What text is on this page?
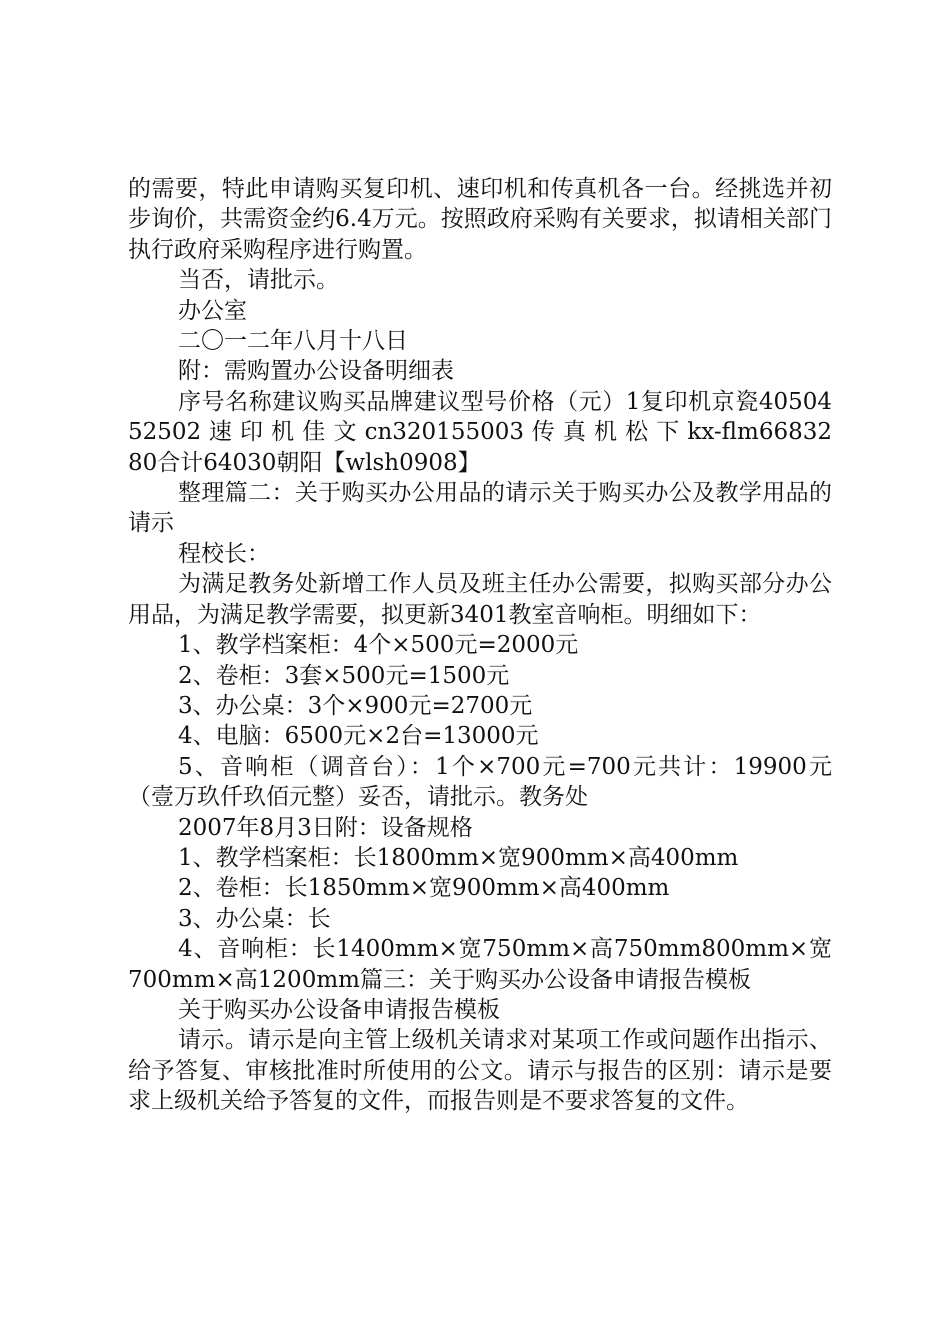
的需要，特此申请购买复印机、速印机和传真机各一台。经挑选并初步询价，共需资金约6.4万元。按照政府采购有关要求，拟请相关部门执行政府采购程序进行购置。

当否，请批示。

办公室

二〇一二年八月十八日

附：需购置办公设备明细表

序号名称建议购买品牌建议型号价格（元）1复印机京瓷4050452502 速 印 机 佳 文 cn320155003 传 真 机 松 下 kx-flm6683280合计64030朝阳【wlsh0908】

整理篇二：关于购买办公用品的请示关于购买办公及教学用品的请示

程校长：

为满足教务处新增工作人员及班主任办公需要，拟购买部分办公用品，为满足教学需要，拟更新3401教室音响柜。明细如下：

1、教学档案柜：4个×500元=2000元

2、卷柜：3套×500元=1500元

3、办公桌：3个×900元=2700元

4、电脑：6500元×2台=13000元

5、音响柜（调音台）：1个×700元=700元共计：19900元（壹万玖仟玖佰元整）妥否，请批示。教务处

2007年8月3日附：设备规格

1、教学档案柜：长1800mm×宽900mm×高400mm

2、卷柜：长1850mm×宽900mm×高400mm

3、办公桌：长

4、音响柜：长1400mm×宽750mm×高750mm800mm×宽700mm×高1200mm篇三：关于购买办公设备申请报告模板

关于购买办公设备申请报告模板

请示。请示是向主管上级机关请求对某项工作或问题作出指示、给予答复、审核批准时所使用的公文。请示与报告的区别：请示是要求上级机关给予答复的文件，而报告则是不要求答复的文件。
